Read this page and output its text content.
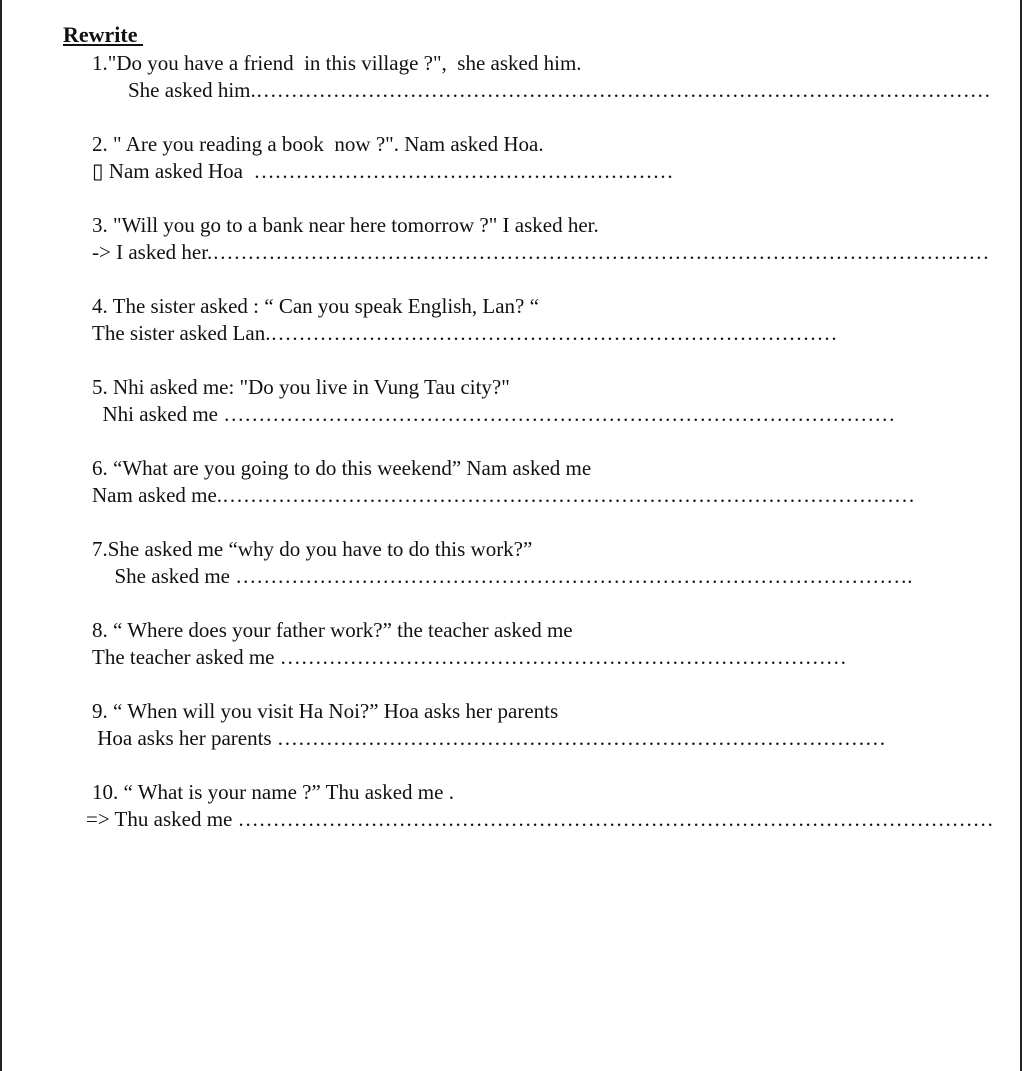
Rewrite
1."Do you have a friend  in this village ?",  she asked him.
She asked him.……………………………………………………………………………………………
2. " Are you reading a book  now ?". Nam asked Hoa.
▯ Nam asked Hoa  ……………………………………………………
3. "Will you go to a bank near here tomorrow ?" I asked her.
-> I asked her.…………………………………………………………………………………………………
4. The sister asked : “ Can you speak English, Lan? “
The sister asked Lan.………………………………………………………………………
5. Nhi asked me: "Do you live in Vung Tau city?"
Nhi asked me ……………………………………………………………………………………
6. “What are you going to do this weekend” Nam asked me
Nam asked me.………………………………………………………………………………………
7.She asked me “why do you have to do this work?”
She asked me …………………………………………………………………………………….
8. “ Where does your father work?” the teacher asked me
The teacher asked me ………………………………………………………………………
9. “ When will you visit Ha Noi?” Hoa asks her parents
Hoa asks her parents ……………………………………………………………………………
10. “ What is your name ?” Thu asked me .
=> Thu asked me ………………………………………………………………………………………………
